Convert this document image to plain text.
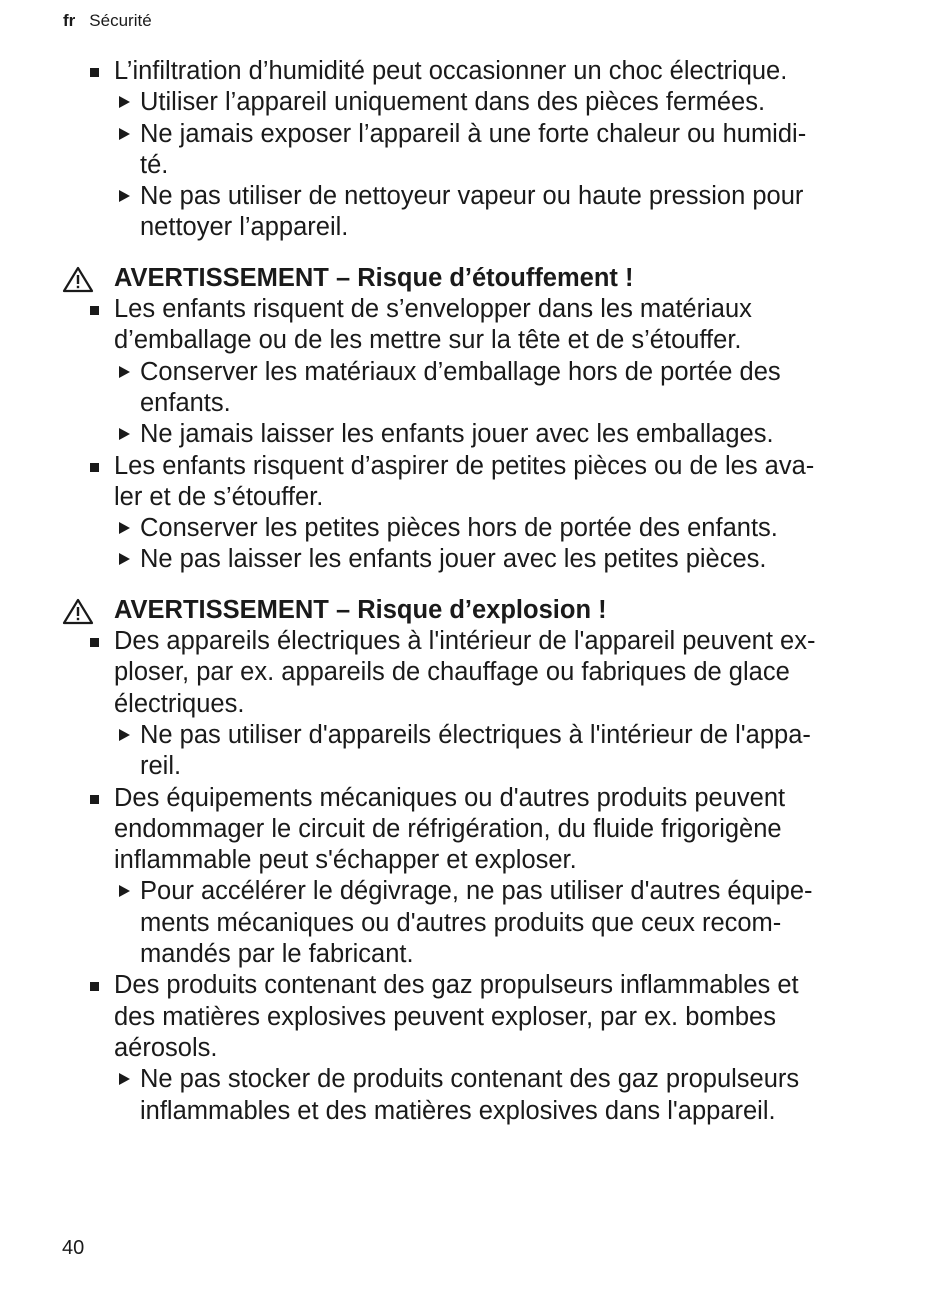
fr Sécurité
L’infiltration d’humidité peut occasionner un choc électrique.
Utiliser l’appareil uniquement dans des pièces fermées.
Ne jamais exposer l’appareil à une forte chaleur ou humidi-
té.
Ne pas utiliser de nettoyeur vapeur ou haute pression pour
nettoyer l’appareil.
AVERTISSEMENT – Risque d’étouffement !
Les enfants risquent de s’envelopper dans les matériaux
d’emballage ou de les mettre sur la tête et de s’étouffer.
Conserver les matériaux d’emballage hors de portée des
enfants.
Ne jamais laisser les enfants jouer avec les emballages.
Les enfants risquent d’aspirer de petites pièces ou de les ava-
ler et de s’étouffer.
Conserver les petites pièces hors de portée des enfants.
Ne pas laisser les enfants jouer avec les petites pièces.
AVERTISSEMENT – Risque d’explosion !
Des appareils électriques à l'intérieur de l'appareil peuvent ex-
ploser, par ex. appareils de chauffage ou fabriques de glace
électriques.
Ne pas utiliser d'appareils électriques à l'intérieur de l'appa-
reil.
Des équipements mécaniques ou d'autres produits peuvent
endommager le circuit de réfrigération, du fluide frigorigène
inflammable peut s'échapper et exploser.
Pour accélérer le dégivrage, ne pas utiliser d'autres équipe-
ments mécaniques ou d'autres produits que ceux recom-
mandés par le fabricant.
Des produits contenant des gaz propulseurs inflammables et
des matières explosives peuvent exploser, par ex. bombes
aérosols.
Ne pas stocker de produits contenant des gaz propulseurs
inflammables et des matières explosives dans l'appareil.
40
